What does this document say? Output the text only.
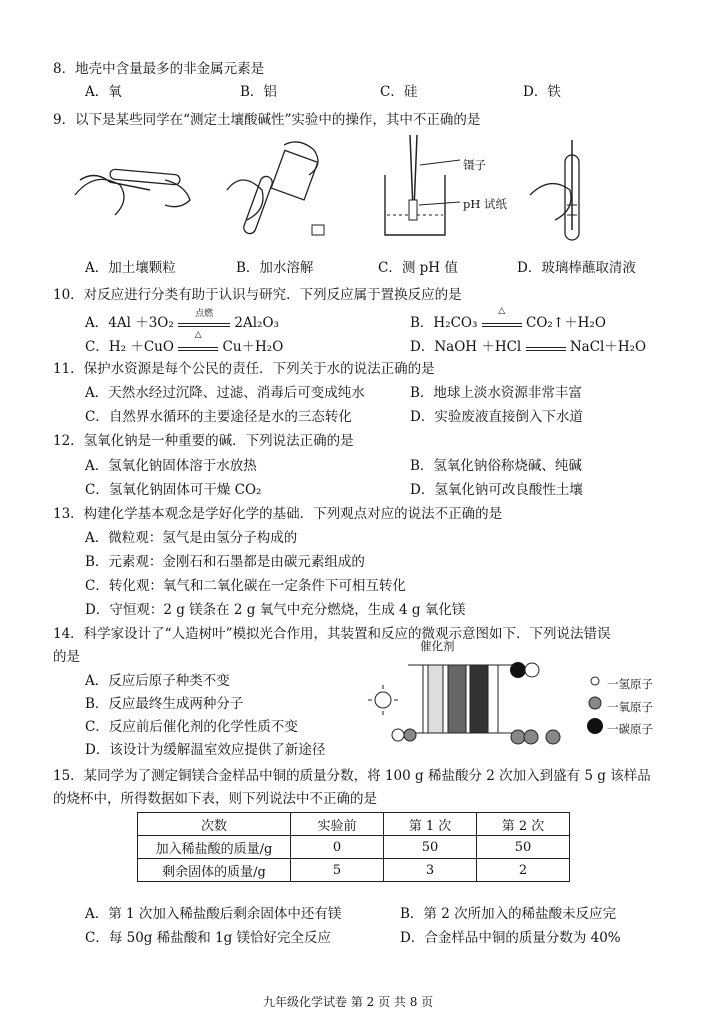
8．地壳中含量最多的非金属元素是
A．氧	B．铝	C．硅	D．铁
9．以下是某些同学在“测定土壤酸碱性”实验中的操作，其中不正确的是
镊子
pH 试纸
A．加土壤颗粒	B．加水溶解	C．测 pH 值	D．玻璃棒蘸取清液
10．对反应进行分类有助于认识与研究．下列反应属于置换反应的是
A．4Al ＋3O₂
点燃
2Al₂O₃	B．H₂CO₃
△
CO₂↑＋H₂O
C．H₂ ＋CuO
△
Cu＋H₂O	D．NaOH ＋HCl	NaCl＋H₂O
11．保护水资源是每个公民的责任．下列关于水的说法正确的是
A．天然水经过沉降、过滤、消毒后可变成纯水	B．地球上淡水资源非常丰富
C．自然界水循环的主要途径是水的三态转化	D．实验废液直接倒入下水道
12．氢氧化钠是一种重要的碱．下列说法正确的是
A．氢氧化钠固体溶于水放热	B．氢氧化钠俗称烧碱、纯碱
C．氢氧化钠固体可干燥 CO₂	D．氢氧化钠可改良酸性土壤
13．构建化学基本观念是学好化学的基础．下列观点对应的说法不正确的是
A．微粒观：氢气是由氢分子构成的
B．元素观：金刚石和石墨都是由碳元素组成的
C．转化观：氧气和二氧化碳在一定条件下可相互转化
D．守恒观：2 g 镁条在 2 g 氧气中充分燃烧，生成 4 g 氧化镁
14．科学家设计了“人造树叶”模拟光合作用，其装置和反应的微观示意图如下．下列说法错误
的是
A．反应后原子种类不变
B．反应最终生成两种分子
C．反应前后催化剂的化学性质不变
D．该设计为缓解温室效应提供了新途径
催化剂
一氢原子
一氧原子
一碳原子
15．某同学为了测定铜镁合金样品中铜的质量分数，将 100 g 稀盐酸分 2 次加入到盛有 5 g 该样品
的烧杯中，所得数据如下表，则下列说法中不正确的是
次数	实验前	第 1 次	第 2 次
加入稀盐酸的质量/g	0	50	50
剩余固体的质量/g	5	3	2
A．第 1 次加入稀盐酸后剩余固体中还有镁	B．第 2 次所加入的稀盐酸未反应完
C．每 50g 稀盐酸和 1g 镁恰好完全反应	D．合金样品中铜的质量分数为 40%
九年级化学试卷 第 2 页 共 8 页
